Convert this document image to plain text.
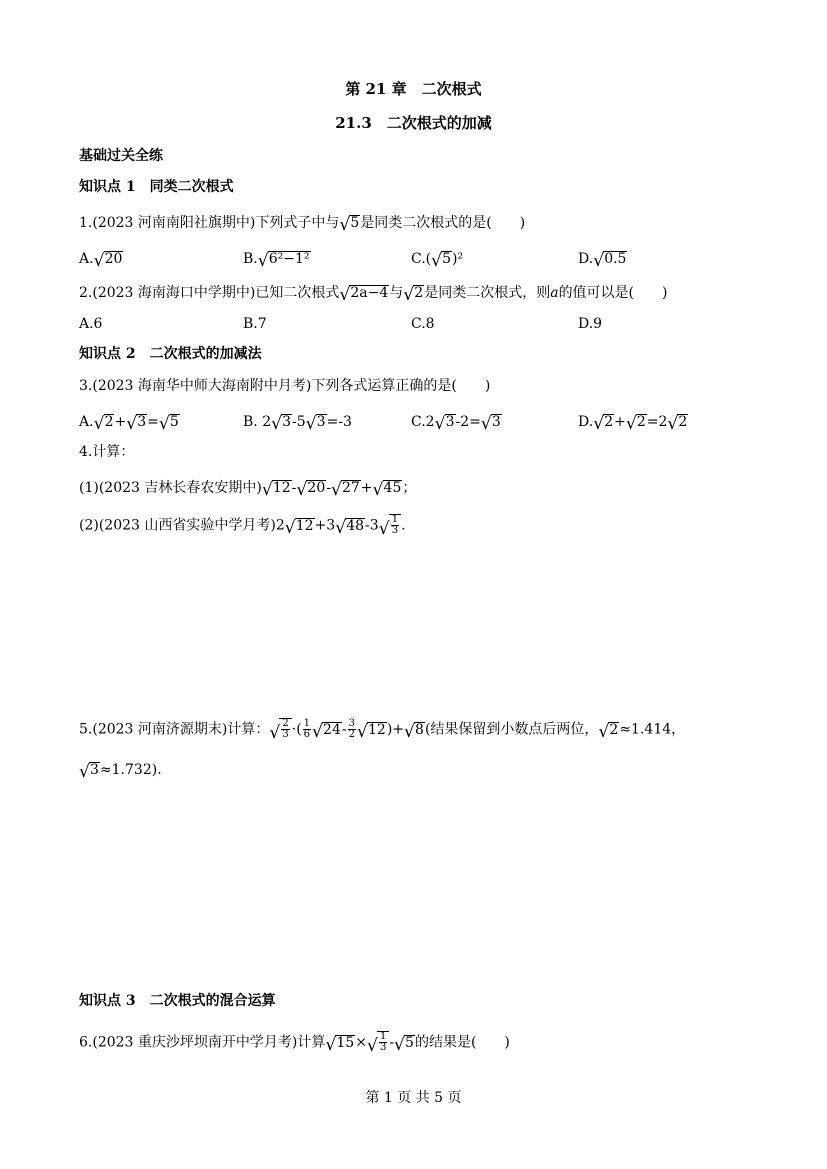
第 21 章　二次根式
21.3　二次根式的加减
基础过关全练
知识点 1　同类二次根式
1.(2023 河南南阳社旗期中)下列式子中与 √ 5是同类二次根式的是(　　)
A. √ 20	B. √ 6²−1²	C.( √ 5)²	D. √ 0.5
2.(2023 海南海口中学期中)已知二次根式 √ 2a−4与 √ 2是同类二次根式，则a的值可以是(　　)
A.6	B.7	C.8	D.9
知识点 2　二次根式的加减法
3.(2023 海南华中师大海南附中月考)下列各式运算正确的是(　　)
A. √ 2+ √ 3= √ 5	B. 2 √ 3-5 √ 3=-3	C.2 √ 3-2= √ 3	D. √ 2+ √ 2=2 √ 2
4.计算：
(1)(2023 吉林长春农安期中) √ 12- √ 20- √ 27+ √ 45；
(2)(2023 山西省实验中学月考)2 √ 12+3 √ 48-3 √ $\frac{1}{3}$ .
5.(2023 河南济源期末)计算： √ $\frac{2}{3}$ ·( $\frac{1}{6}$ √ $24- \frac{3}{2}$ √ 12)+ √ 8(结果保留到小数点后两位， √ 2≈1.414，
√ 3≈1.732).
知识点 3　二次根式的混合运算
6.(2023 重庆沙坪坝南开中学月考)计算 √ 15× √ $\frac{1}{3}$ - √ 5的结果是(　　)
第 1 页 共 5 页
